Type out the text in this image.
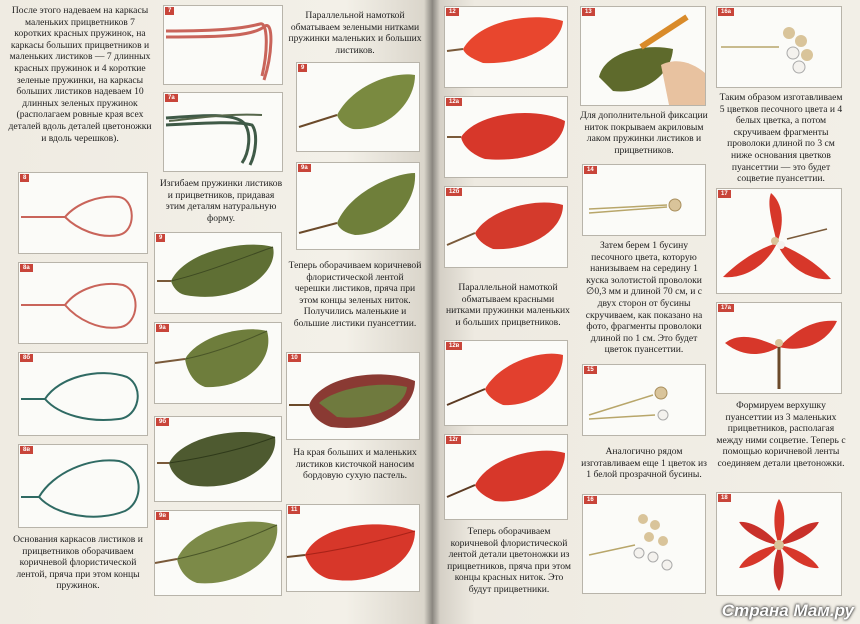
После этого надеваем на каркасы маленьких прицветников 7 коротких красных пружинок, на каркасы больших прицветников и маленьких листиков — 7 длинных красных пружинок и 4 короткие зеленые пружинки, на каркасы больших листиков надеваем 10 длинных зеленых пружинок (располагаем ровные края всех деталей вдоль деталей цветоножки и вдоль черешков).

7
7a

Изгибаем пружинки листиков и прицветников, придавая этим деталям натуральную форму.

8
8a
8б
8в

Основания каркасов листиков и прицветников оборачиваем коричневой флористической лентой, пряча при этом концы пружинок.

9
9а
9б
9в

Параллельной намоткой обматываем зелеными нитками пружинки маленьких и больших листиков.

9
9а

Теперь оборачиваем коричневой флористической лентой черешки листиков, пряча при этом концы зеленых ниток. Получились маленькие и большие листики пуансеттии.

10

На края больших и маленьких листиков кисточкой наносим бордовую сухую пастель.

11
12
12а
12б

Параллельной намоткой обматываем красными нитками пружинки маленьких и больших прицветников.

12в
12г

Теперь оборачиваем коричневой флористической лентой детали цветоножки из прицветников, пряча при этом концы красных ниток. Это будут прицветники.

13

Для дополнительной фиксации ниток покрываем акриловым лаком пружинки листиков и прицветников.

14

Затем берем 1 бусину песочного цвета, которую нанизываем на середину 1 куска золотистой проволоки ∅0,3 мм и длиной 70 см, и с двух сторон от бусины скручиваем, как показано на фото, фрагменты проволоки длиной по 1 см. Это будет цветок пуансеттии.

15

Аналогично рядом изготавливаем еще 1 цветок из 1 белой прозрачной бусины.

16
16а

Таким образом изготавливаем 5 цветков песочного цвета и 4 белых цветка, а потом скручиваем фрагменты проволоки длиной по 3 см ниже основания цветков пуансеттии — это будет соцветие пуансеттии.

17
17а

Формируем верхушку пуансеттии из 3 маленьких прицветников, располагая между ними соцветие. Теперь с помощью коричневой ленты соединяем детали цветоножки.

18
Страна Мам.ру
